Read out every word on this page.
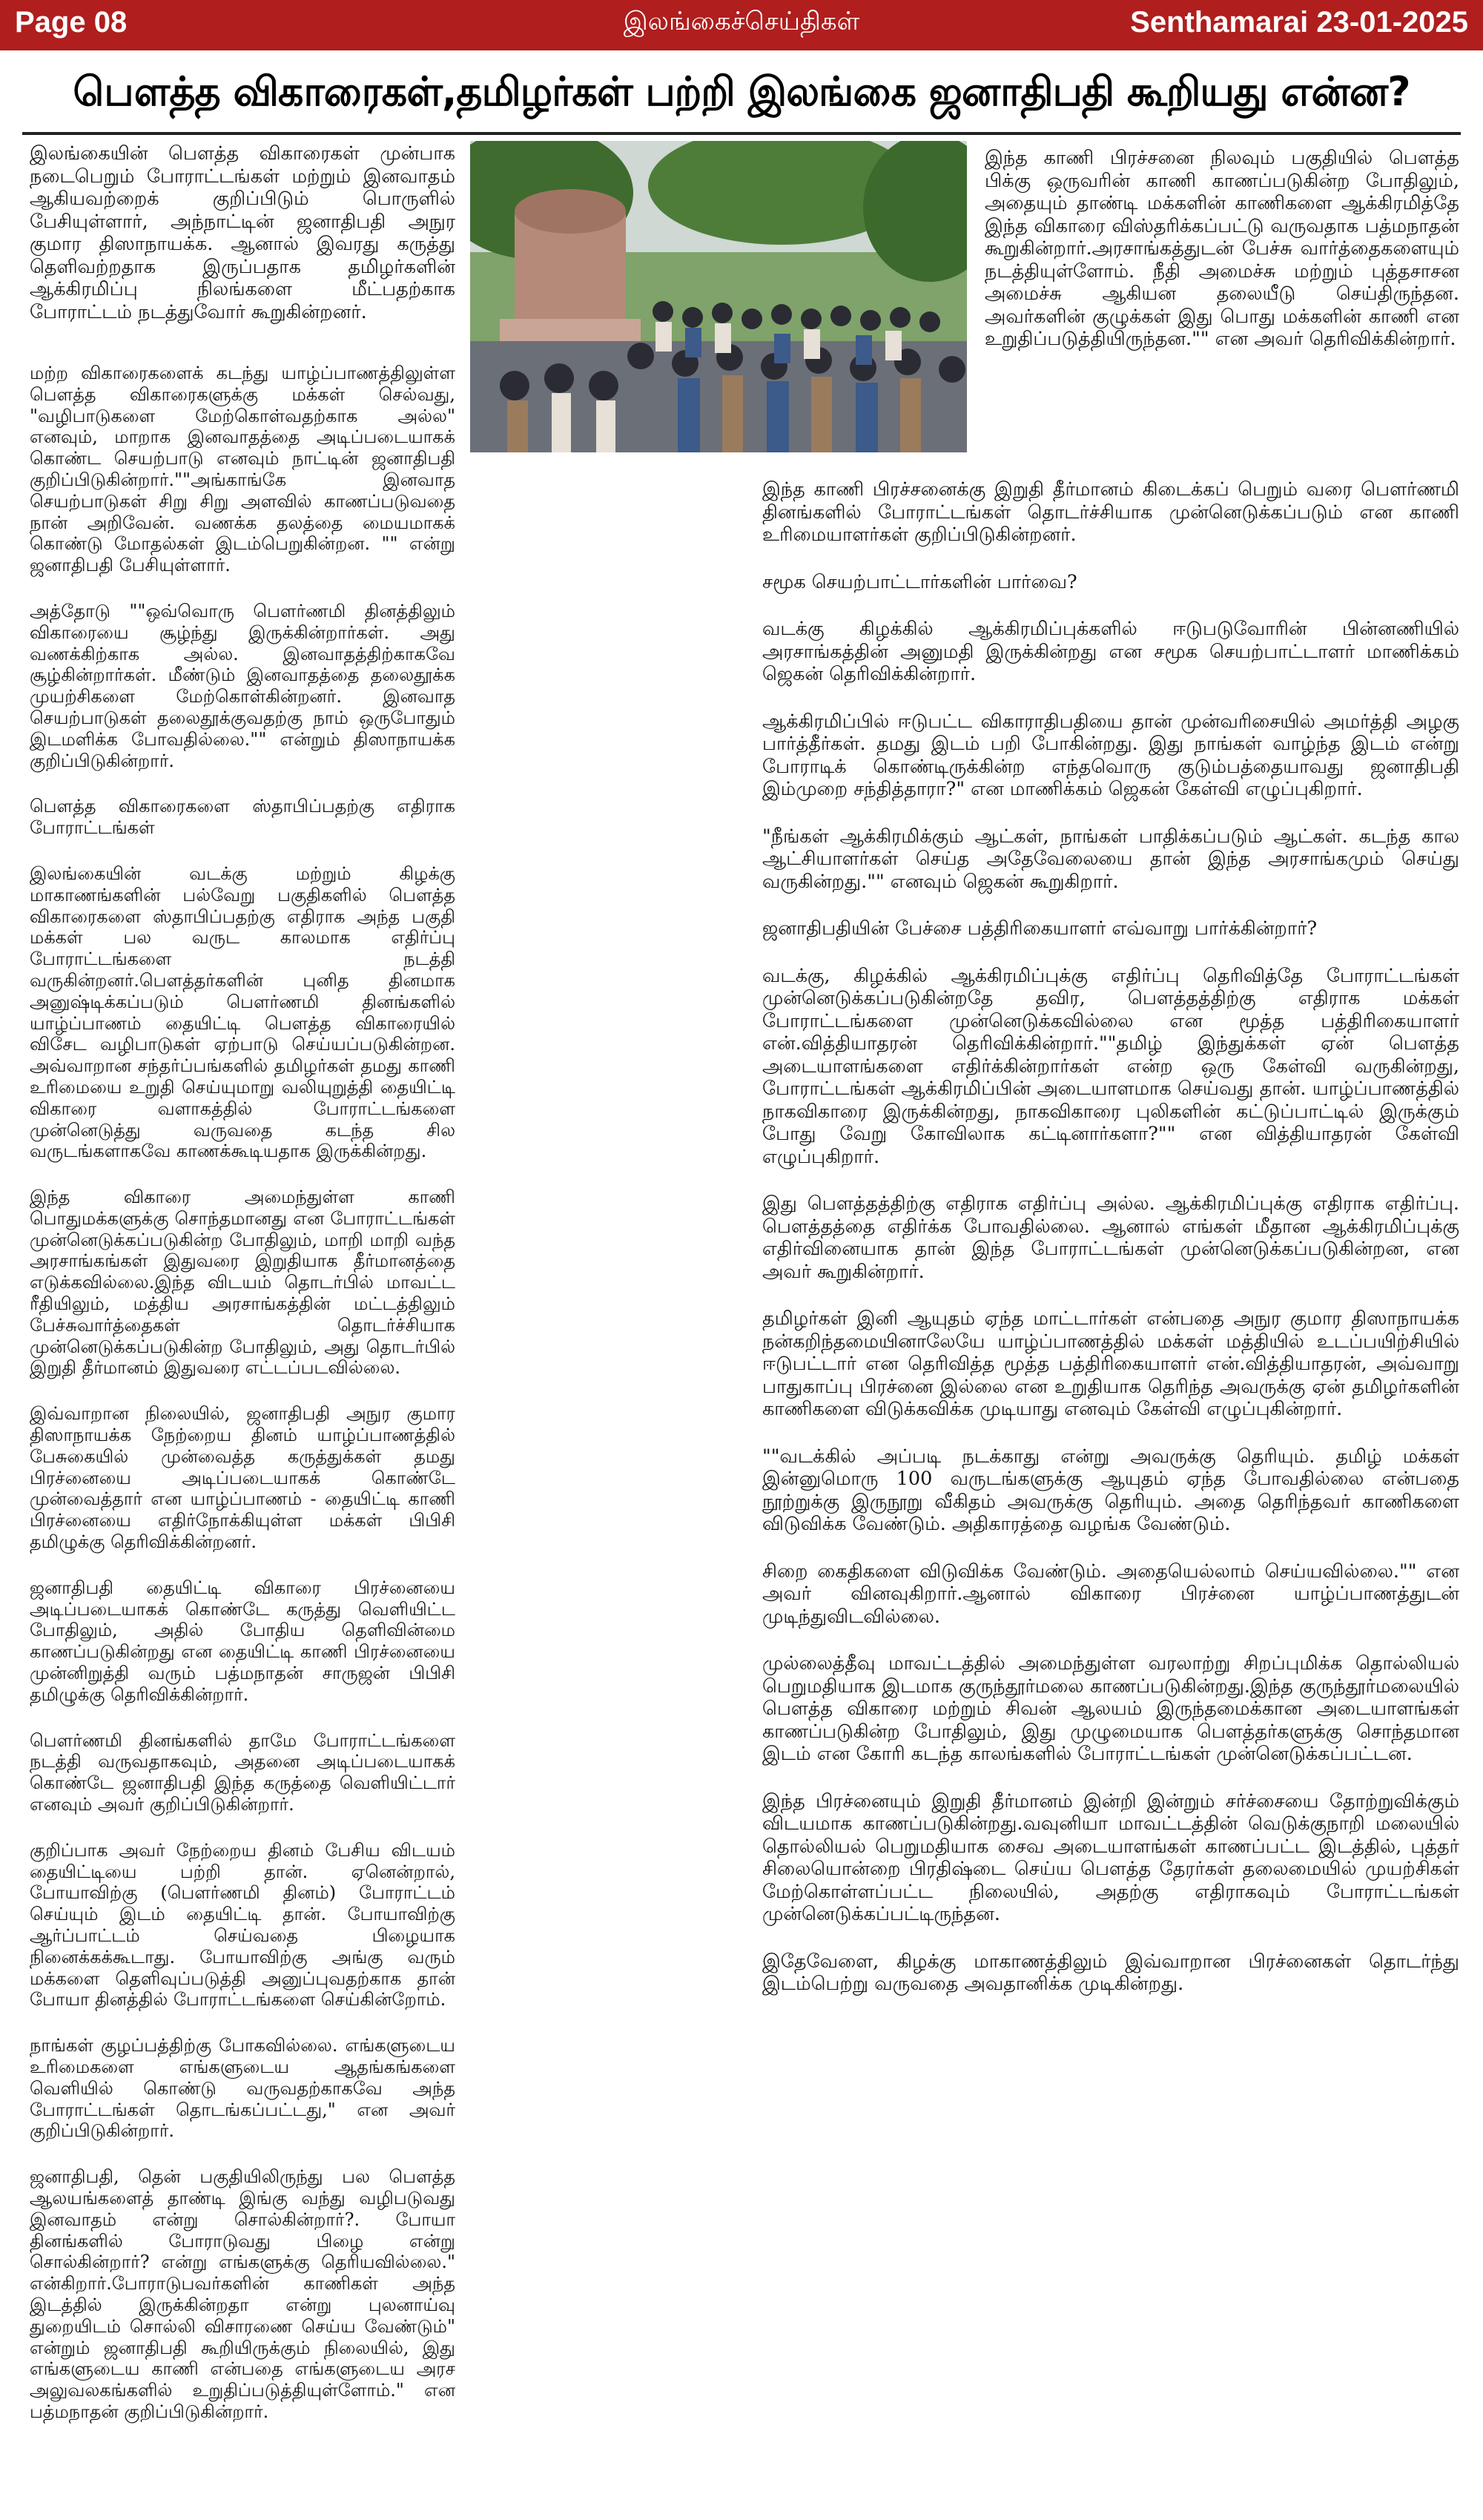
இலங்கைச்செய்திகள்
Page 08	Senthamarai 23-01-2025
பௌத்த விகாரைகள்,தமிழர்கள் பற்றி இலங்கை ஜனாதிபதி கூறியது என்ன?

இலங்கையின் பௌத்த விகாரைகள் முன்பாக நடைபெறும் போராட்டங்கள் மற்றும் இனவாதம் ஆகியவற்றைக் குறிப்பிடும் பொருளில் பேசியுள்ளார், அந்நாட்டின் ஜனாதிபதி அநுர குமார திஸாநாயக்க. ஆனால் இவரது கருத்து தெளிவற்றதாக இருப்பதாக தமிழர்களின் ஆக்கிரமிப்பு நிலங்களை மீட்பதற்காக போராட்டம் நடத்துவோர் கூறுகின்றனர்.

மற்ற விகாரைகளைக் கடந்து யாழ்ப்பாணத்திலுள்ள பௌத்த விகாரைகளுக்கு மக்கள் செல்வது, "வழிபாடுகளை மேற்கொள்வதற்காக அல்ல" எனவும், மாறாக இனவாதத்தை அடிப்படையாகக் கொண்ட செயற்பாடு எனவும் நாட்டின் ஜனாதிபதி குறிப்பிடுகின்றார்.""அங்காங்கே இனவாத செயற்பாடுகள் சிறு சிறு அளவில் காணப்படுவதை நான் அறிவேன். வணக்க தலத்தை மையமாகக் கொண்டு மோதல்கள் இடம்பெறுகின்றன. "" என்று ஜனாதிபதி பேசியுள்ளார்.

அத்தோடு ""ஒவ்வொரு பௌர்ணமி தினத்திலும் விகாரையை சூழ்ந்து இருக்கின்றார்கள். அது வணக்கிற்காக அல்ல. இனவாதத்திற்காகவே சூழ்கின்றார்கள். மீண்டும் இனவாதத்தை தலைதூக்க முயற்சிகளை மேற்கொள்கின்றனர். இனவாத செயற்பாடுகள் தலைதூக்குவதற்கு நாம் ஒருபோதும் இடமளிக்க போவதில்லை."" என்றும் திஸாநாயக்க குறிப்பிடுகின்றார்.

பௌத்த விகாரைகளை ஸ்தாபிப்பதற்கு எதிராக போராட்டங்கள்

இலங்கையின் வடக்கு மற்றும் கிழக்கு மாகாணங்களின் பல்வேறு பகுதிகளில் பௌத்த விகாரைகளை ஸ்தாபிப்பதற்கு எதிராக அந்த பகுதி மக்கள் பல வருட காலமாக எதிர்ப்பு போராட்டங்களை நடத்தி வருகின்றனர்.பௌத்தர்களின் புனித தினமாக அனுஷ்டிக்கப்படும் பௌர்ணமி தினங்களில் யாழ்ப்பாணம் தையிட்டி பௌத்த விகாரையில் விசேட வழிபாடுகள் ஏற்பாடு செய்யப்படுகின்றன. அவ்வாறான சந்தர்ப்பங்களில் தமிழர்கள் தமது காணி உரிமையை உறுதி செய்யுமாறு வலியுறுத்தி தையிட்டி விகாரை வளாகத்தில் போராட்டங்களை முன்னெடுத்து வருவதை கடந்த சில வருடங்களாகவே காணக்கூடியதாக இருக்கின்றது.

இந்த விகாரை அமைந்துள்ள காணி பொதுமக்களுக்கு சொந்தமானது என போராட்டங்கள் முன்னெடுக்கப்படுகின்ற போதிலும், மாறி மாறி வந்த அரசாங்கங்கள் இதுவரை இறுதியாக தீர்மானத்தை எடுக்கவில்லை.இந்த விடயம் தொடர்பில் மாவட்ட ரீதியிலும், மத்திய அரசாங்கத்தின் மட்டத்திலும் பேச்சுவார்த்தைகள் தொடர்ச்சியாக முன்னெடுக்கப்படுகின்ற போதிலும், அது தொடர்பில் இறுதி தீர்மானம் இதுவரை எட்டப்படவில்லை.

இவ்வாறான நிலையில், ஜனாதிபதி அநுர குமார திஸாநாயக்க நேற்றைய தினம் யாழ்ப்பாணத்தில் பேசுகையில் முன்வைத்த கருத்துக்கள் தமது பிரச்னையை அடிப்படையாகக் கொண்டே முன்வைத்தார் என யாழ்ப்பாணம் - தையிட்டி காணி பிரச்னையை எதிர்நோக்கியுள்ள மக்கள் பிபிசி தமிழுக்கு தெரிவிக்கின்றனர்.

ஜனாதிபதி தையிட்டி விகாரை பிரச்னையை அடிப்படையாகக் கொண்டே கருத்து வெளியிட்ட போதிலும், அதில் போதிய தெளிவின்மை காணப்படுகின்றது என தையிட்டி காணி பிரச்னையை முன்னிறுத்தி வரும் பத்மநாதன் சாருஜன் பிபிசி தமிழுக்கு தெரிவிக்கின்றார்.

பௌர்ணமி தினங்களில் தாமே போராட்டங்களை நடத்தி வருவதாகவும், அதனை அடிப்படையாகக் கொண்டே ஜனாதிபதி இந்த கருத்தை வெளியிட்டார் எனவும் அவர் குறிப்பிடுகின்றார்.

குறிப்பாக அவர் நேற்றைய தினம் பேசிய விடயம் தையிட்டியை பற்றி தான். ஏனென்றால், போயாவிற்கு (பௌர்ணமி தினம்) போராட்டம் செய்யும் இடம் தையிட்டி தான். போயாவிற்கு ஆர்ப்பாட்டம் செய்வதை பிழையாக நினைக்கக்கூடாது. போயாவிற்கு அங்கு வரும் மக்களை தெளிவுப்படுத்தி அனுப்புவதற்காக தான் போயா தினத்தில் போராட்டங்களை செய்கின்றோம்.

நாங்கள் குழப்பத்திற்கு போகவில்லை. எங்களுடைய உரிமைகளை எங்களுடைய ஆதங்கங்களை வெளியில் கொண்டு வருவதற்காகவே அந்த போராட்டங்கள் தொடங்கப்பட்டது," என அவர் குறிப்பிடுகின்றார்.

ஜனாதிபதி, தென் பகுதியிலிருந்து பல பௌத்த ஆலயங்களைத் தாண்டி இங்கு வந்து வழிபடுவது இனவாதம் என்று சொல்கின்றார்?. போயா தினங்களில் போராடுவது பிழை என்று சொல்கின்றார்? என்று எங்களுக்கு தெரியவில்லை." என்கிறார்.போராடுபவர்களின் காணிகள் அந்த இடத்தில் இருக்கின்றதா என்று புலனாய்வு துறையிடம் சொல்லி விசாரணை செய்ய வேண்டும்" என்றும் ஜனாதிபதி கூறியிருக்கும் நிலையில், இது எங்களுடைய காணி என்பதை எங்களுடைய அரச அலுவலகங்களில் உறுதிப்படுத்தியுள்ளோம்." என பத்மநாதன் குறிப்பிடுகின்றார்.

இந்த காணி பிரச்சனை நிலவும் பகுதியில் பௌத்த பிக்கு ஒருவரின் காணி காணப்படுகின்ற போதிலும், அதையும் தாண்டி மக்களின் காணிகளை ஆக்கிரமித்தே இந்த விகாரை விஸ்தரிக்கப்பட்டு வருவதாக பத்மநாதன் கூறுகின்றார்.அரசாங்கத்துடன் பேச்சு வார்த்தைகளையும் நடத்தியுள்ளோம். நீதி அமைச்சு மற்றும் புத்தசாசன அமைச்சு ஆகியன தலையீடு செய்திருந்தன. அவர்களின் குழுக்கள் இது பொது மக்களின் காணி என உறுதிப்படுத்தியிருந்தன."" என அவர் தெரிவிக்கின்றார்.

இந்த காணி பிரச்சனைக்கு இறுதி தீர்மானம் கிடைக்கப் பெறும் வரை பௌர்ணமி தினங்களில் போராட்டங்கள் தொடர்ச்சியாக முன்னெடுக்கப்படும் என காணி உரிமையாளர்கள் குறிப்பிடுகின்றனர்.

சமூக செயற்பாட்டார்களின் பார்வை?

வடக்கு கிழக்கில் ஆக்கிரமிப்புக்களில் ஈடுபடுவோரின் பின்னணியில் அரசாங்கத்தின் அனுமதி இருக்கின்றது என சமூக செயற்பாட்டாளர் மாணிக்கம் ஜெகன் தெரிவிக்கின்றார்.

ஆக்கிரமிப்பில் ஈடுபட்ட விகாராதிபதியை தான் முன்வரிசையில் அமர்த்தி அழகு பார்த்தீர்கள். தமது இடம் பறி போகின்றது. இது நாங்கள் வாழ்ந்த இடம் என்று போராடிக் கொண்டிருக்கின்ற எந்தவொரு குடும்பத்தையாவது ஜனாதிபதி இம்முறை சந்தித்தாரா?" என மாணிக்கம் ஜெகன் கேள்வி எழுப்புகிறார்.

"நீங்கள் ஆக்கிரமிக்கும் ஆட்கள், நாங்கள் பாதிக்கப்படும் ஆட்கள். கடந்த கால ஆட்சியாளர்கள் செய்த அதேவேலையை தான் இந்த அரசாங்கமும் செய்து வருகின்றது."" எனவும் ஜெகன் கூறுகிறார்.

ஜனாதிபதியின் பேச்சை பத்திரிகையாளர் எவ்வாறு பார்க்கின்றார்?

வடக்கு, கிழக்கில் ஆக்கிரமிப்புக்கு எதிர்ப்பு தெரிவித்தே போராட்டங்கள் முன்னெடுக்கப்படுகின்றதே தவிர, பௌத்தத்திற்கு எதிராக மக்கள் போராட்டங்களை முன்னெடுக்கவில்லை என மூத்த பத்திரிகையாளர் என்.வித்தியாதரன் தெரிவிக்கின்றார்.""தமிழ் இந்துக்கள் ஏன் பௌத்த அடையாளங்களை எதிர்க்கின்றார்கள் என்ற ஒரு கேள்வி வருகின்றது, போராட்டங்கள் ஆக்கிரமிப்பின் அடையாளமாக செய்வது தான். யாழ்ப்பாணத்தில் நாகவிகாரை இருக்கின்றது, நாகவிகாரை புலிகளின் கட்டுப்பாட்டில் இருக்கும் போது வேறு கோவிலாக கட்டினார்களா?"" என வித்தியாதரன் கேள்வி எழுப்புகிறார்.

இது பௌத்தத்திற்கு எதிராக எதிர்ப்பு அல்ல. ஆக்கிரமிப்புக்கு எதிராக எதிர்ப்பு. பௌத்தத்தை எதிர்க்க போவதில்லை. ஆனால் எங்கள் மீதான ஆக்கிரமிப்புக்கு எதிர்வினையாக தான் இந்த போராட்டங்கள் முன்னெடுக்கப்படுகின்றன, என அவர் கூறுகின்றார்.

தமிழர்கள் இனி ஆயுதம் ஏந்த மாட்டார்கள் என்பதை அநுர குமார திஸாநாயக்க நன்கறிந்தமையினாலேயே யாழ்ப்பாணத்தில் மக்கள் மத்தியில் உடப்பயிற்சியில் ஈடுபட்டார் என தெரிவித்த மூத்த பத்திரிகையாளர் என்.வித்தியாதரன், அவ்வாறு பாதுகாப்பு பிரச்னை இல்லை என உறுதியாக தெரிந்த அவருக்கு ஏன் தமிழர்களின் காணிகளை விடுக்கவிக்க முடியாது எனவும் கேள்வி எழுப்புகின்றார்.

""வடக்கில் அப்படி நடக்காது என்று அவருக்கு தெரியும். தமிழ் மக்கள் இன்னுமொரு 100 வருடங்களுக்கு ஆயுதம் ஏந்த போவதில்லை என்பதை நூற்றுக்கு இருநூறு வீகிதம் அவருக்கு தெரியும். அதை தெரிந்தவர் காணிகளை விடுவிக்க வேண்டும். அதிகாரத்தை வழங்க வேண்டும்.

சிறை கைதிகளை விடுவிக்க வேண்டும். அதையெல்லாம் செய்யவில்லை."" என அவர் வினவுகிறார்.ஆனால் விகாரை பிரச்னை யாழ்ப்பாணத்துடன் முடிந்துவிடவில்லை.

முல்லைத்தீவு மாவட்டத்தில் அமைந்துள்ள வரலாற்று சிறப்புமிக்க தொல்லியல் பெறுமதியாக இடமாக குருந்தூர்மலை காணப்படுகின்றது.இந்த குருந்தூர்மலையில் பௌத்த விகாரை மற்றும் சிவன் ஆலயம் இருந்தமைக்கான அடையாளங்கள் காணப்படுகின்ற போதிலும், இது முழுமையாக பௌத்தர்களுக்கு சொந்தமான இடம் என கோரி கடந்த காலங்களில் போராட்டங்கள் முன்னெடுக்கப்பட்டன.

இந்த பிரச்னையும் இறுதி தீர்மானம் இன்றி இன்றும் சர்ச்சையை தோற்றுவிக்கும் விடயமாக காணப்படுகின்றது.வவுனியா மாவட்டத்தின் வெடுக்குநாறி மலையில் தொல்லியல் பெறுமதியாக சைவ அடையாளங்கள் காணப்பட்ட இடத்தில், புத்தர் சிலையொன்றை பிரதிஷ்டை செய்ய பௌத்த தேரர்கள் தலைமையில் முயற்சிகள் மேற்கொள்ளப்பட்ட நிலையில், அதற்கு எதிராகவும் போராட்டங்கள் முன்னெடுக்கப்பட்டிருந்தன.

இதேவேளை, கிழக்கு மாகாணத்திலும் இவ்வாறான பிரச்னைகள் தொடர்ந்து இடம்பெற்று வருவதை அவதானிக்க முடிகின்றது.
